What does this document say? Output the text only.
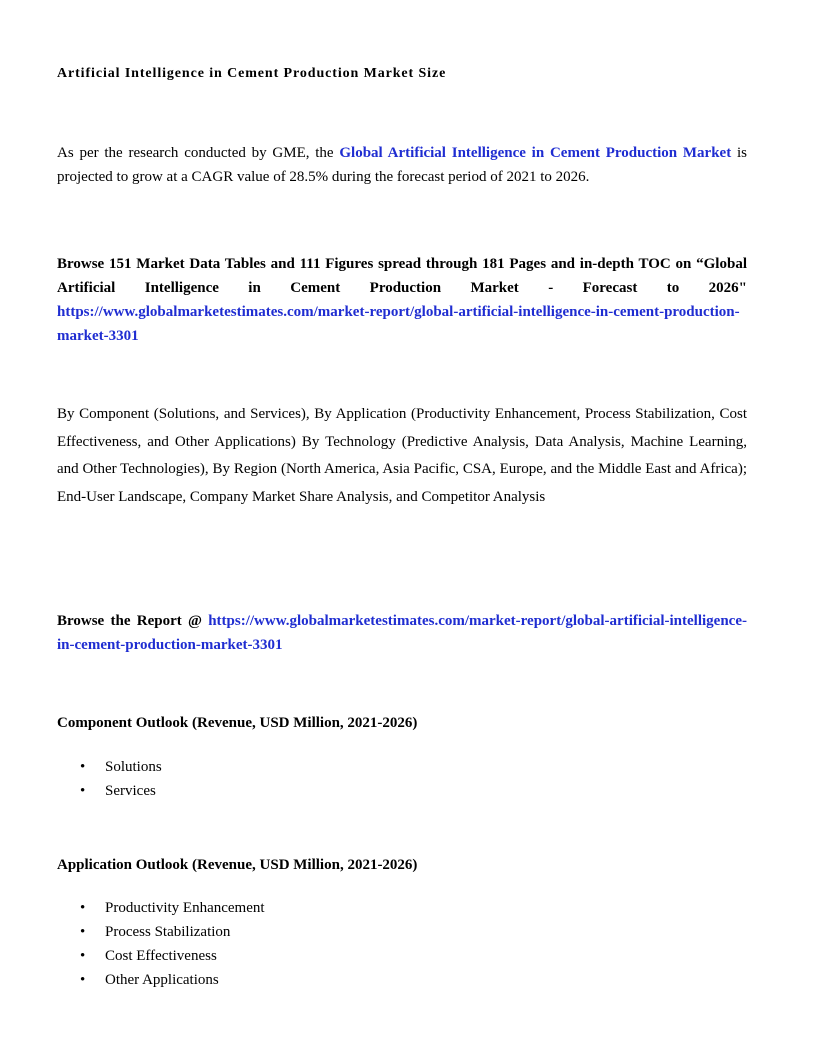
Artificial Intelligence in Cement Production Market Size

As per the research conducted by GME, the Global Artificial Intelligence in Cement Production Market is projected to grow at a CAGR value of 28.5% during the forecast period of 2021 to 2026.

Browse 151 Market Data Tables and 111 Figures spread through 181 Pages and in-depth TOC on “Global Artificial Intelligence in Cement Production Market - Forecast to 2026" https://www.globalmarketestimates.com/market-report/global-artificial-intelligence-in-cement-production-market-3301

By Component (Solutions, and Services), By Application (Productivity Enhancement, Process Stabilization, Cost Effectiveness, and Other Applications) By Technology (Predictive Analysis, Data Analysis, Machine Learning, and Other Technologies), By Region (North America, Asia Pacific, CSA, Europe, and the Middle East and Africa); End-User Landscape, Company Market Share Analysis, and Competitor Analysis

Browse the Report @ https://www.globalmarketestimates.com/market-report/global-artificial-intelligence-in-cement-production-market-3301

Component Outlook (Revenue, USD Million, 2021-2026)

•	Solutions
•	Services

Application Outlook (Revenue, USD Million, 2021-2026)

•	Productivity Enhancement
•	Process Stabilization
•	Cost Effectiveness
•	Other Applications
